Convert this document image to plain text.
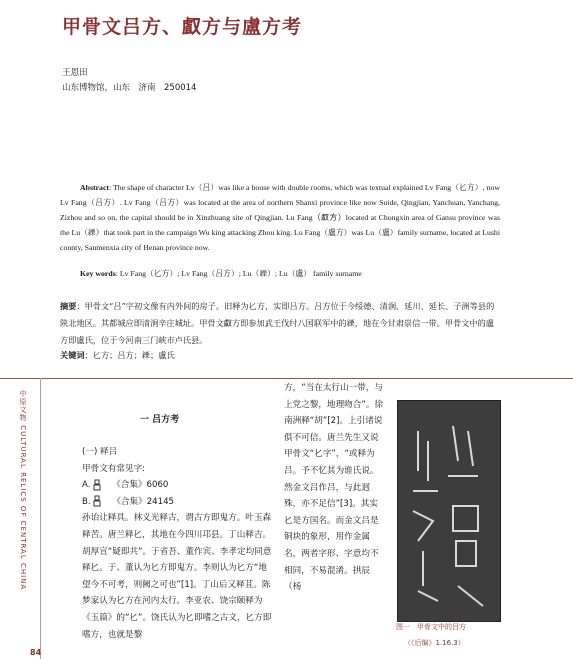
甲骨文吕方、𠭯方与盧方考
王恩田
山东博物馆，山东　济南　250014
Abstract: The shape of character Lv（吕）was like a house with double rooms, which was textual explained Lv Fang（𠤎方）, now Lv Fang（吕方）. Lv Fang（吕方）was located at the area of northern Shanxi province like now Suide, Qingjian, Yanchuan, Yanchang, Zizhou and so on, the capital should be in Xinzhuang site of Qingjian. Lu Fang（𠭯方）located at Chongxin area of Gansu province was the Lu（𦃊）that took part in the campaign Wu king attacking Zhou king. Lu Fang（盧方）was Lu（盧）family surname, located at Lushi county, Sanmenxia city of Henan province now.
Key words: Lv Fang（𠤎方）; Lv Fang（吕方）; Lu（𦃊）; Lu（盧） family surname
摘要：甲骨文“吕”字初文像有内外间的房子。旧释为𠤎方，实即吕方。吕方位于今绥德、清涧、延川、延长、子洲等县的陕北地区。其都城应即清涧辛庄城址。甲骨文𠭯方即参加武王伐纣八国联军中的𦃊，地在今甘肃崇信一带。甲骨文中的盧方即盧氏，位于今河南三门峡市卢氏县。
关键词：𠤎方；吕方；𦃊；盧氏
中原文物 CULTURAL RELICS OF CENTRAL CHINA
84
一 吕方考

(一) 释吕

甲骨文有常见字:

A.	《合集》6060

B.	《合集》24145

孙诒让释具。林义光释古，谓古方即鬼方。叶玉森释苦。唐兰释𠤎，其地在今四川邛县。丁山释吉。胡厚宣“疑即共”。于省吾、董作宾、李孝定均同意释𠤎。于、董认为𠤎方即鬼方。李则认为𠤎方“地望今不可考，则阙之可也”[1]。丁山后又释苴。陈梦家认为𠤎方在河内太行。李亚农、饶宗颐释为《玉篇》的“𠤎”。饶氏认为𠤎即嗜之古文，𠤎方即嗜方，也就是黎

方，“当在太行山一带，与上党之黎，地理吻合”。徐南洲释“胡”[2]。上引诸说俱不可信。唐兰先生又说甲骨文“𠤎字”，“或释为吕。予不忆其为谁氏说。然金文吕作吕，与此迥殊，亦不足信”[3]。其实𠤎是方国名。而金文吕是铜块的象形，用作金属名，两者字形、字意均不相同，不易混淆。拱辰（杨

图一　甲骨文中的吕方
（《后编》1.16.3）
